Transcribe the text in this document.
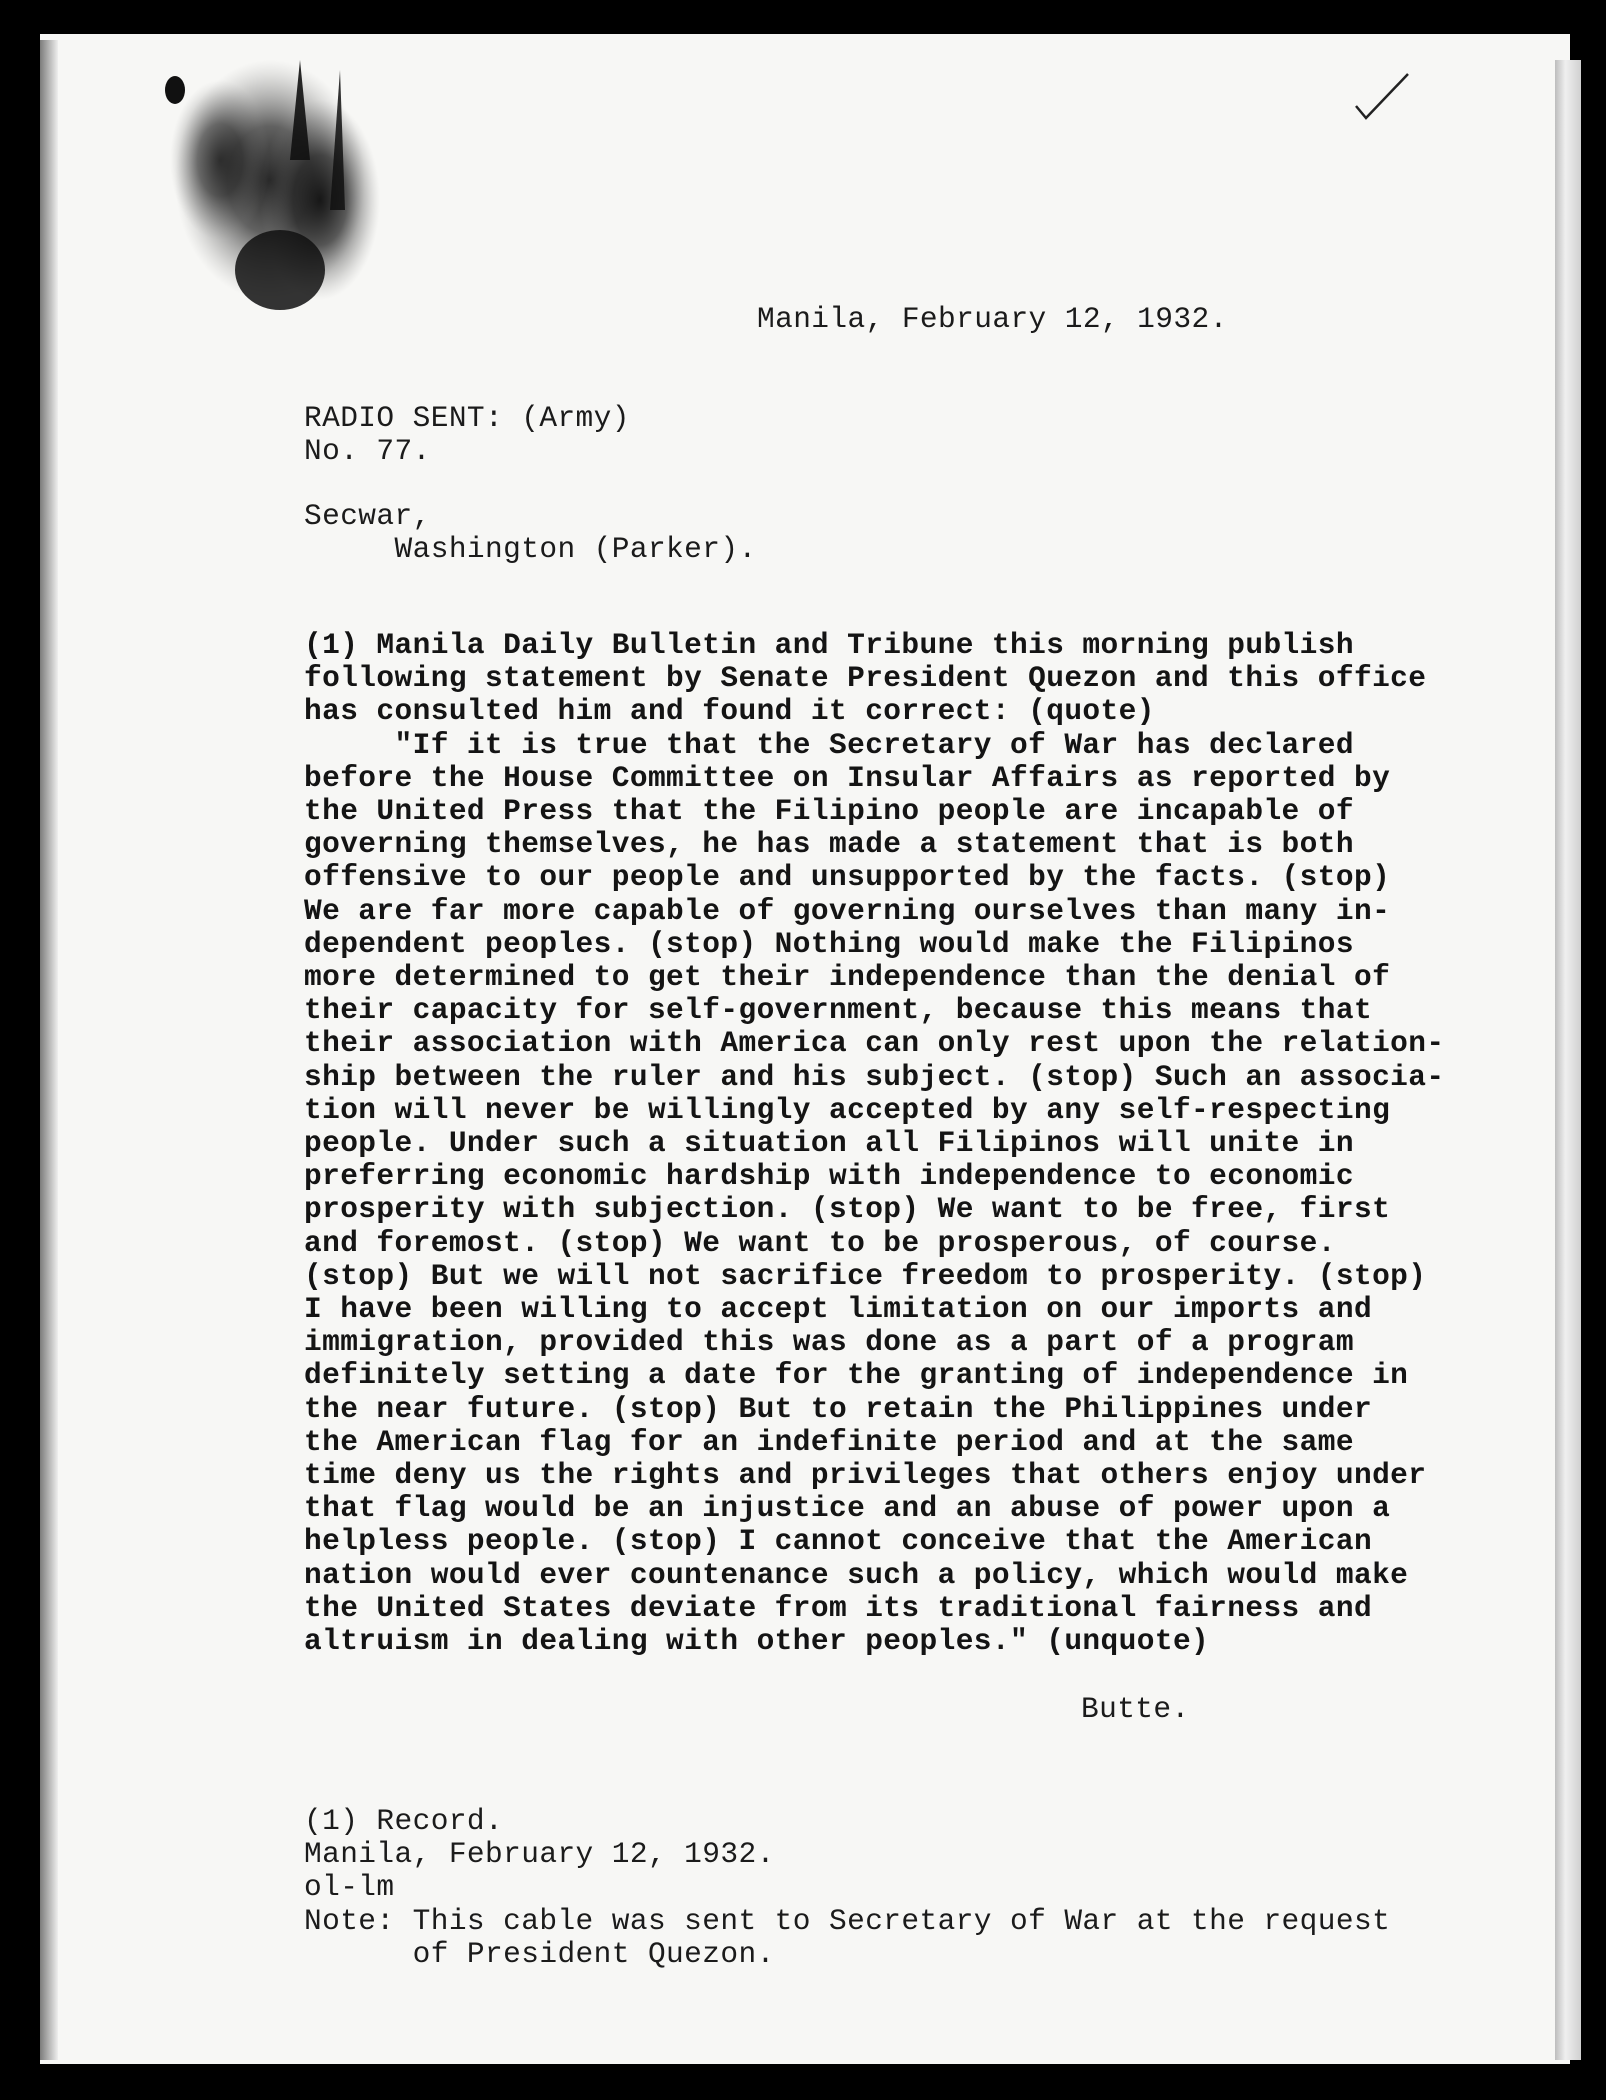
Manila, February 12, 1932.

RADIO SENT: (Army)
No. 77.
Secwar,
Washington (Parker).
(1) Manila Daily Bulletin and Tribune this morning publish
following statement by Senate President Quezon and this office
has consulted him and found it correct: (quote)
"If it is true that the Secretary of War has declared
before the House Committee on Insular Affairs as reported by
the United Press that the Filipino people are incapable of
governing themselves, he has made a statement that is both
offensive to our people and unsupported by the facts. (stop)
We are far more capable of governing ourselves than many in-
dependent peoples. (stop) Nothing would make the Filipinos
more determined to get their independence than the denial of
their capacity for self-government, because this means that
their association with America can only rest upon the relation-
ship between the ruler and his subject. (stop) Such an associa-
tion will never be willingly accepted by any self-respecting
people. Under such a situation all Filipinos will unite in
preferring economic hardship with independence to economic
prosperity with subjection. (stop) We want to be free, first
and foremost. (stop) We want to be prosperous, of course.
(stop) But we will not sacrifice freedom to prosperity. (stop)
I have been willing to accept limitation on our imports and
immigration, provided this was done as a part of a program
definitely setting a date for the granting of independence in
the near future. (stop) But to retain the Philippines under
the American flag for an indefinite period and at the same
time deny us the rights and privileges that others enjoy under
that flag would be an injustice and an abuse of power upon a
helpless people. (stop) I cannot conceive that the American
nation would ever countenance such a policy, which would make
the United States deviate from its traditional fairness and
altruism in dealing with other peoples." (unquote)

Butte.

(1) Record.
Manila, February 12, 1932.
ol-lm
Note: This cable was sent to Secretary of War at the request
of President Quezon.
